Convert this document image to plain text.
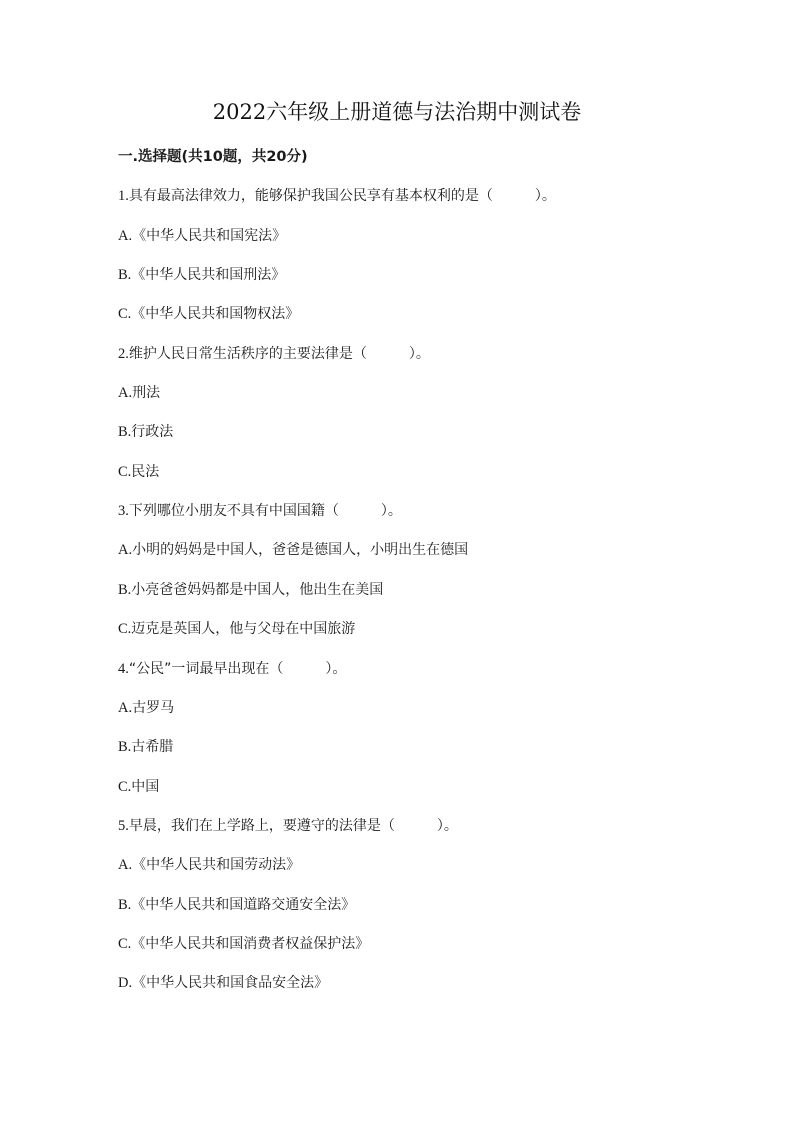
2022六年级上册道德与法治期中测试卷
一.选择题(共10题，共20分)
1.具有最高法律效力，能够保护我国公民享有基本权利的是（　　　）。
A.《中华人民共和国宪法》
B.《中华人民共和国刑法》
C.《中华人民共和国物权法》
2.维护人民日常生活秩序的主要法律是（　　　）。
A.刑法
B.行政法
C.民法
3.下列哪位小朋友不具有中国国籍（　　　）。
A.小明的妈妈是中国人，爸爸是德国人，小明出生在德国
B.小亮爸爸妈妈都是中国人，他出生在美国
C.迈克是英国人，他与父母在中国旅游
4.“公民”一词最早出现在（　　　）。
A.古罗马
B.古希腊
C.中国
5.早晨，我们在上学路上，要遵守的法律是（　　　）。
A.《中华人民共和国劳动法》
B.《中华人民共和国道路交通安全法》
C.《中华人民共和国消费者权益保护法》
D.《中华人民共和国食品安全法》
